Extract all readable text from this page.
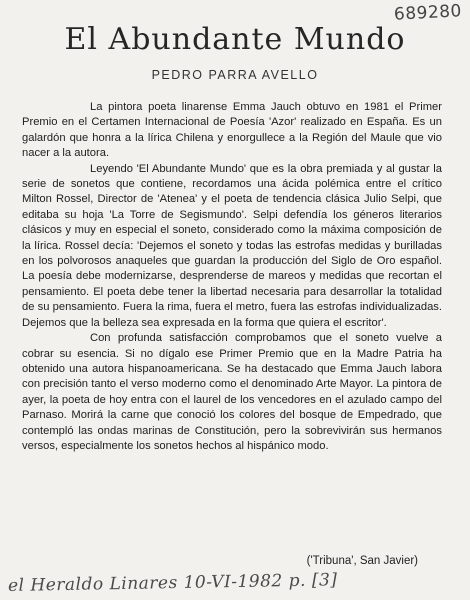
689280
El Abundante Mundo
PEDRO PARRA AVELLO

La pintora poeta linarense Emma Jauch obtuvo en 1981 el Primer Premio en el Certamen Internacional de Poesía 'Azor' realizado en España. Es un galardón que honra a la lírica Chilena y enorgullece a la Región del Maule que vio nacer a la autora.

Leyendo 'El Abundante Mundo' que es la obra premiada y al gustar la serie de sonetos que contiene, recordamos una ácida polémica entre el crítico Milton Rossel, Director de 'Atenea' y el poeta de tendencia clásica Julio Selpi, que editaba su hoja 'La Torre de Segismundo'. Selpi defendía los géneros literarios clásicos y muy en especial el soneto, considerado como la máxima composición de la lírica. Rossel decía: 'Dejemos el soneto y todas las estrofas medidas y burilladas en los polvorosos anaqueles que guardan la producción del Siglo de Oro español. La poesía debe modernizarse, desprenderse de mareos y medidas que recortan el pensamiento. El poeta debe tener la libertad necesaria para desarrollar la totalidad de su pensamiento. Fuera la rima, fuera el metro, fuera las estrofas individualizadas. Dejemos que la belleza sea expresada en la forma que quiera el escritor'.

Con profunda satisfacción comprobamos que el soneto vuelve a cobrar su esencia. Si no dígalo ese Primer Premio que en la Madre Patria ha obtenido una autora hispanoamericana. Se ha destacado que Emma Jauch labora con precisión tanto el verso moderno como el denominado Arte Mayor. La pintora de ayer, la poeta de hoy entra con el laurel de los vencedores en el azulado campo del Parnaso. Morirá la carne que conoció los colores del bosque de Empedrado, que contempló las ondas marinas de Constitución, pero la sobrevivirán sus hermanos versos, especialmente los sonetos hechos al hispánico modo.

('Tribuna', San Javier)
el Heraldo Linares 10-VI-1982 p. [3]
